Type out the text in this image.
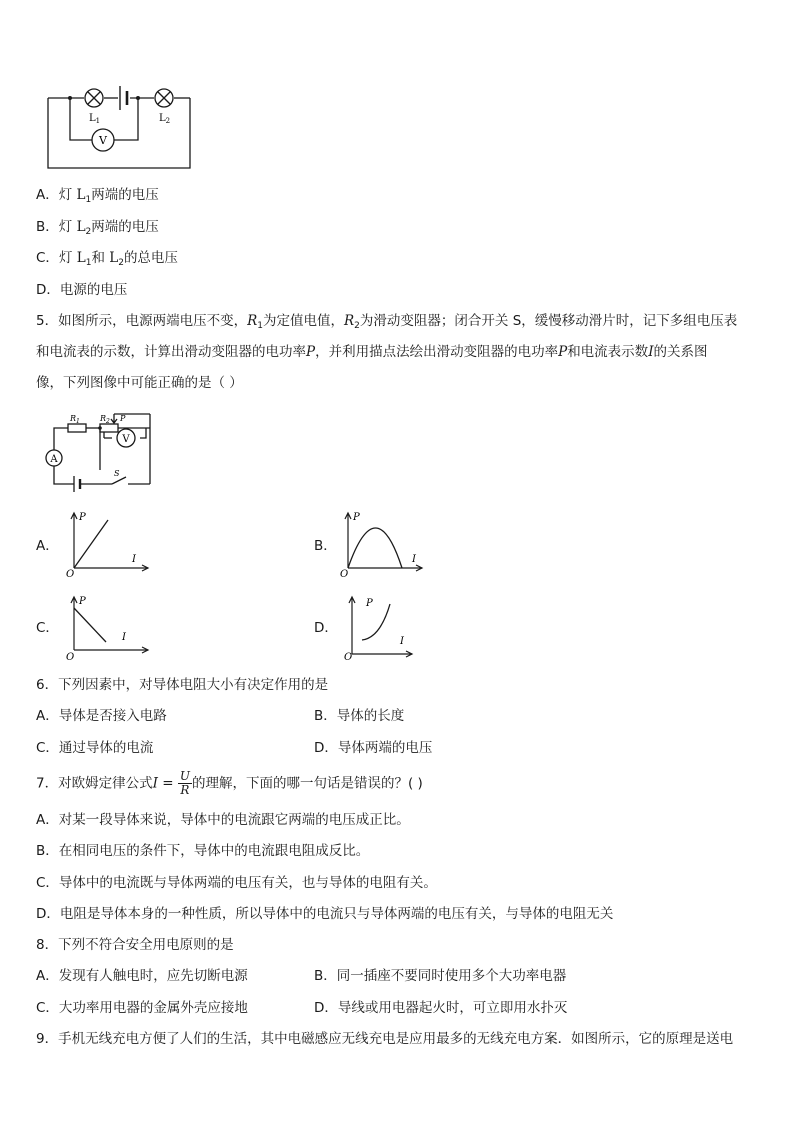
V
$L_1$	$L_2$
A．灯 $L_1$两端的电压
B．灯 $L_2$两端的电压
C．灯 $L_1$和 $L_2$的总电压
D．电源的电压
5．如图所示，电源两端电压不变，$R_1$为定值电值，$R_2$为滑动变阻器；闭合开关 S，缓慢移动滑片时，记下多组电压表
和电流表的示数，计算出滑动变阻器的电功率P，并利用描点法绘出滑动变阻器的电功率P和电流表示数I的关系图
像，下列图像中可能正确的是（ ）
A
V
$R_1$	$R_2$ P
S
A．
P
I
O
B．
P
I
O
C．
P
I
O
D．
P
I
O
6．下列因素中，对导体电阻大小有决定作用的是
A．导体是否接入电路	B．导体的长度
C．通过导体的电流	D．导体两端的电压
7．对欧姆定律公式$I = \frac{U}{R}$ 的理解，下面的哪一句话是错误的？( )
A．对某一段导体来说，导体中的电流跟它两端的电压成正比。
B．在相同电压的条件下，导体中的电流跟电阻成反比。
C．导体中的电流既与导体两端的电压有关，也与导体的电阻有关。
D．电阻是导体本身的一种性质，所以导体中的电流只与导体两端的电压有关，与导体的电阻无关
8．下列不符合安全用电原则的是
A．发现有人触电时，应先切断电源	B．同一插座不要同时使用多个大功率电器
C．大功率用电器的金属外壳应接地	D．导线或用电器起火时，可立即用水扑灭
9．手机无线充电方便了人们的生活，其中电磁感应无线充电是应用最多的无线充电方案．如图所示，它的原理是送电
